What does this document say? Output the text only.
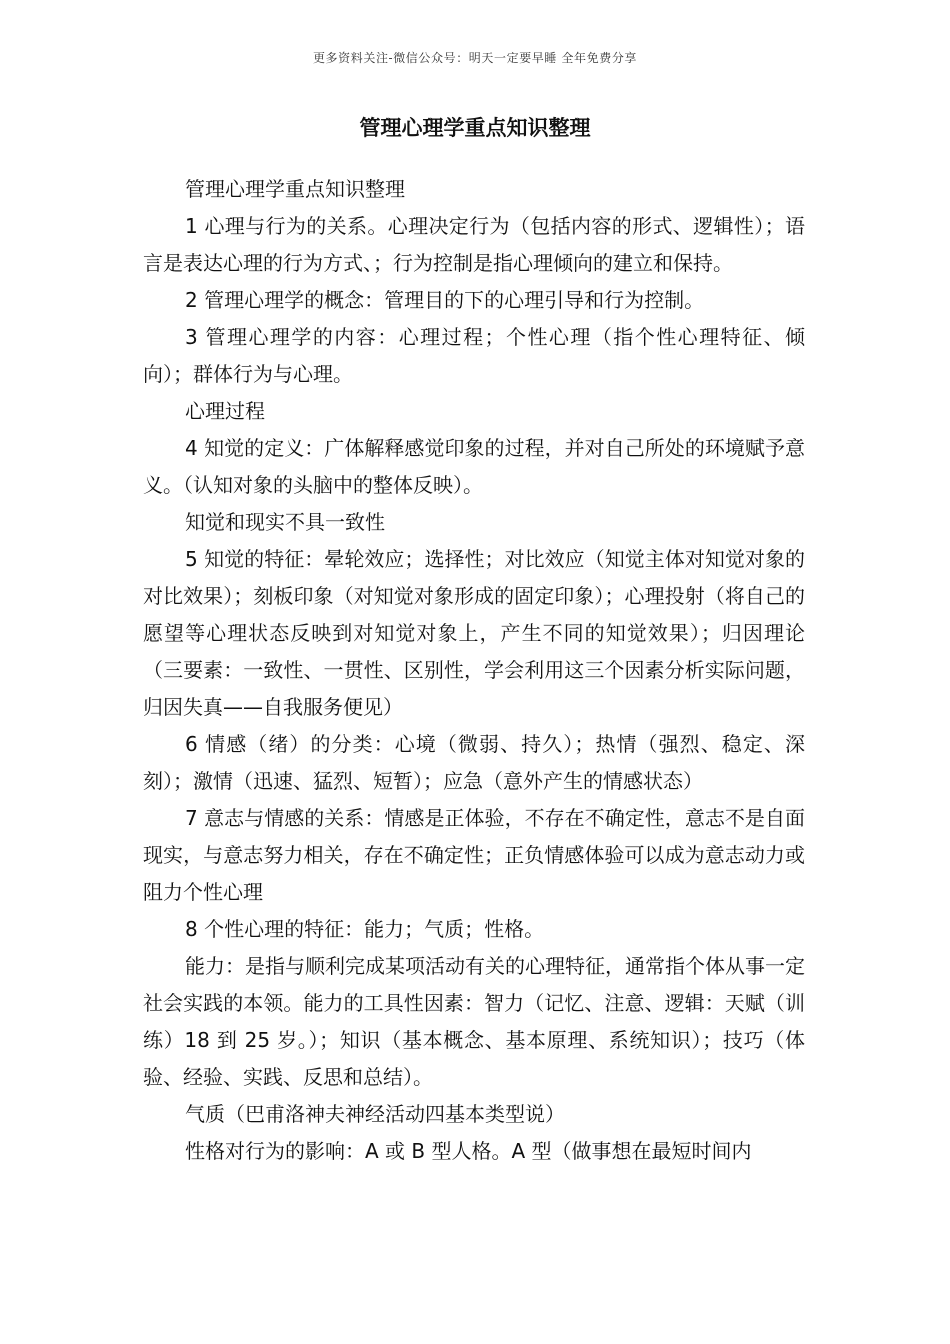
更多资料关注-微信公众号：明天一定要早睡 全年免费分享
管理心理学重点知识整理

管理心理学重点知识整理

1 心理与行为的关系。心理决定行为（包括内容的形式、逻辑性）；语言是表达心理的行为方式、；行为控制是指心理倾向的建立和保持。

2 管理心理学的概念：管理目的下的心理引导和行为控制。

3 管理心理学的内容：心理过程；个性心理（指个性心理特征、倾向）；群体行为与心理。

心理过程

4 知觉的定义：广体解释感觉印象的过程，并对自己所处的环境赋予意义。（认知对象的头脑中的整体反映）。

知觉和现实不具一致性

5 知觉的特征：晕轮效应；选择性；对比效应（知觉主体对知觉对象的对比效果）；刻板印象（对知觉对象形成的固定印象）；心理投射（将自己的愿望等心理状态反映到对知觉对象上，产生不同的知觉效果）；归因理论（三要素：一致性、一贯性、区别性，学会利用这三个因素分析实际问题，归因失真——自我服务便见）

6 情感（绪）的分类：心境（微弱、持久）；热情（强烈、稳定、深刻）；激情（迅速、猛烈、短暂）；应急（意外产生的情感状态）

7 意志与情感的关系：情感是正体验，不存在不确定性，意志不是自面现实，与意志努力相关，存在不确定性；正负情感体验可以成为意志动力或阻力个性心理

8 个性心理的特征：能力；气质；性格。

能力：是指与顺利完成某项活动有关的心理特征，通常指个体从事一定社会实践的本领。能力的工具性因素：智力（记忆、注意、逻辑：天赋（训练）18 到 25 岁。）；知识（基本概念、基本原理、系统知识）；技巧（体验、经验、实践、反思和总结）。

气质（巴甫洛神夫神经活动四基本类型说）

性格对行为的影响：A 或 B 型人格。A 型（做事想在最短时间内
